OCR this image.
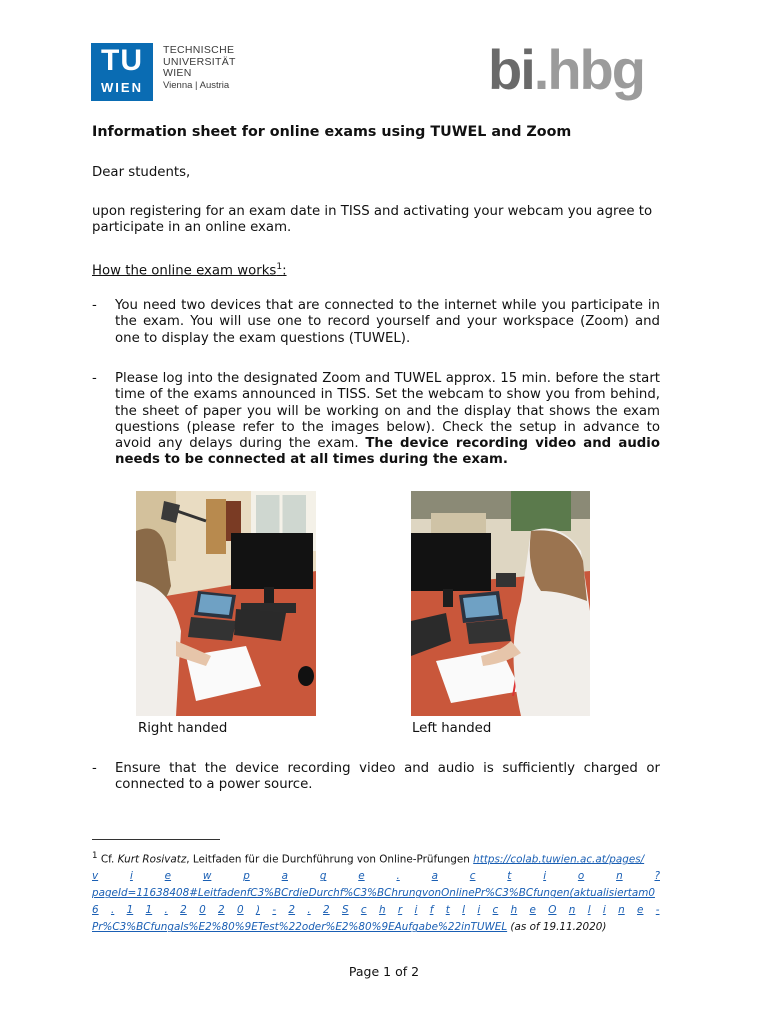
TU
WIEN
TECHNISCHE
UNIVERSITÄT
WIEN
Vienna | Austria	bi.hbg
Information sheet for online exams using TUWEL and Zoom
Dear students,
upon registering for an exam date in TISS and activating your webcam you agree to participate in an online exam.
How the online exam works$^1$:
- You need two devices that are connected to the internet while you participate in the exam. You will use one to record yourself and your workspace (Zoom) and one to display the exam questions (TUWEL).
- Please log into the designated Zoom and TUWEL approx. 15 min. before the start time of the exams announced in TISS. Set the webcam to show you from behind, the sheet of paper you will be working on and the display that shows the exam questions (please refer to the images below). Check the setup in advance to avoid any delays during the exam. The device recording video and audio needs to be connected at all times during the exam.
Right handed	Left handed
- Ensure that the device recording video and audio is sufficiently charged or connected to a power source.
$^1$ Cf. Kurt Rosivatz, Leitfaden für die Durchführung von Online-Prüfungen https://colab.tuwien.ac.at/pages/
v	i	e	w	p	a	g	e	.	a	c	t	i	o	n	?
pageId=11638408#LeitfadenfC3%BCrdieDurchf%C3%BChrungvonOnlinePr%C3%BCfungen(aktualisiertam0
6 . 1 1 . 2 0 2 0 ) - 2 . 2 S c h r i f t l i c h e O n l i n e -
Pr%C3%BCfungals%E2%80%9ETest%22oder%E2%80%9EAufgabe%22inTUWEL (as of 19.11.2020)
Page 1 of 2
